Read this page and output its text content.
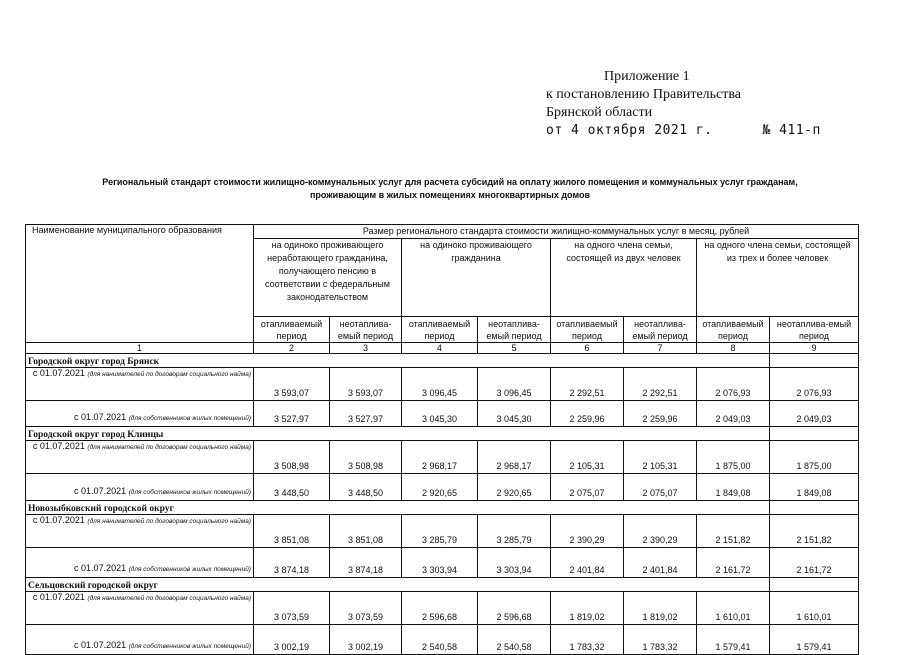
Приложение 1
к постановлению Правительства
Брянской области
от 4 октября 2021 г.	№ 411-п
Региональный стандарт стоимости жилищно-коммунальных услуг для расчета субсидий на оплату жилого помещения и коммунальных услуг гражданам,
проживающим в жилых помещениях многоквартирных домов
Наименование муниципального образования	Размер регионального стандарта стоимости жилищно-коммунальных услуг в месяц, рублей							
	на одиноко проживающего неработающего гражданина, получающего пенсию в соответствии с федеральным законодательством		на одиноко проживающего гражданина		на одного члена семьи, состоящей из двух человек		на одного члена семьи, состоящей из трех и более человек	
	отапливаемый период	неотаплива-емый период	отапливаемый период	неотаплива-емый период	отапливаемый период	неотаплива-емый период	отапливаемый период	неотаплива-емый период
1	2	3	4	5	6	7	8	9
Городской округ город Брянск								
с 01.07.2021 (для нанимателей по договорам социального найма)	3 593,07	3 593,07	3 096,45	3 096,45	2 292,51	2 292,51	2 076,93	2 076,93
с 01.07.2021 (для собственников жилых помещений)	3 527,97	3 527,97	3 045,30	3 045,30	2 259,96	2 259,96	2 049,03	2 049,03
Городской округ город Клинцы								
с 01.07.2021 (для нанимателей по договорам социального найма)	3 508,98	3 508,98	2 968,17	2 968,17	2 105,31	2 105,31	1 875,00	1 875,00
с 01.07.2021 (для собственников жилых помещений)	3 448,50	3 448,50	2 920,65	2 920,65	2 075,07	2 075,07	1 849,08	1 849,08
Новозыбковский городской округ								
с 01.07.2021 (для нанимателей по договорам социального найма)	3 851,08	3 851,08	3 285,79	3 285,79	2 390,29	2 390,29	2 151,82	2 151,82
с 01.07.2021 (для собственников жилых помещений)	3 874,18	3 874,18	3 303,94	3 303,94	2 401,84	2 401,84	2 161,72	2 161,72
Сельцовский городской округ								
с 01.07.2021 (для нанимателей по договорам социального найма)	3 073,59	3 073,59	2 596,68	2 596,68	1 819,02	1 819,02	1 610,01	1 610,01
с 01.07.2021 (для собственников жилых помещений)	3 002,19	3 002,19	2 540,58	2 540,58	1 783,32	1 783,32	1 579,41	1 579,41
